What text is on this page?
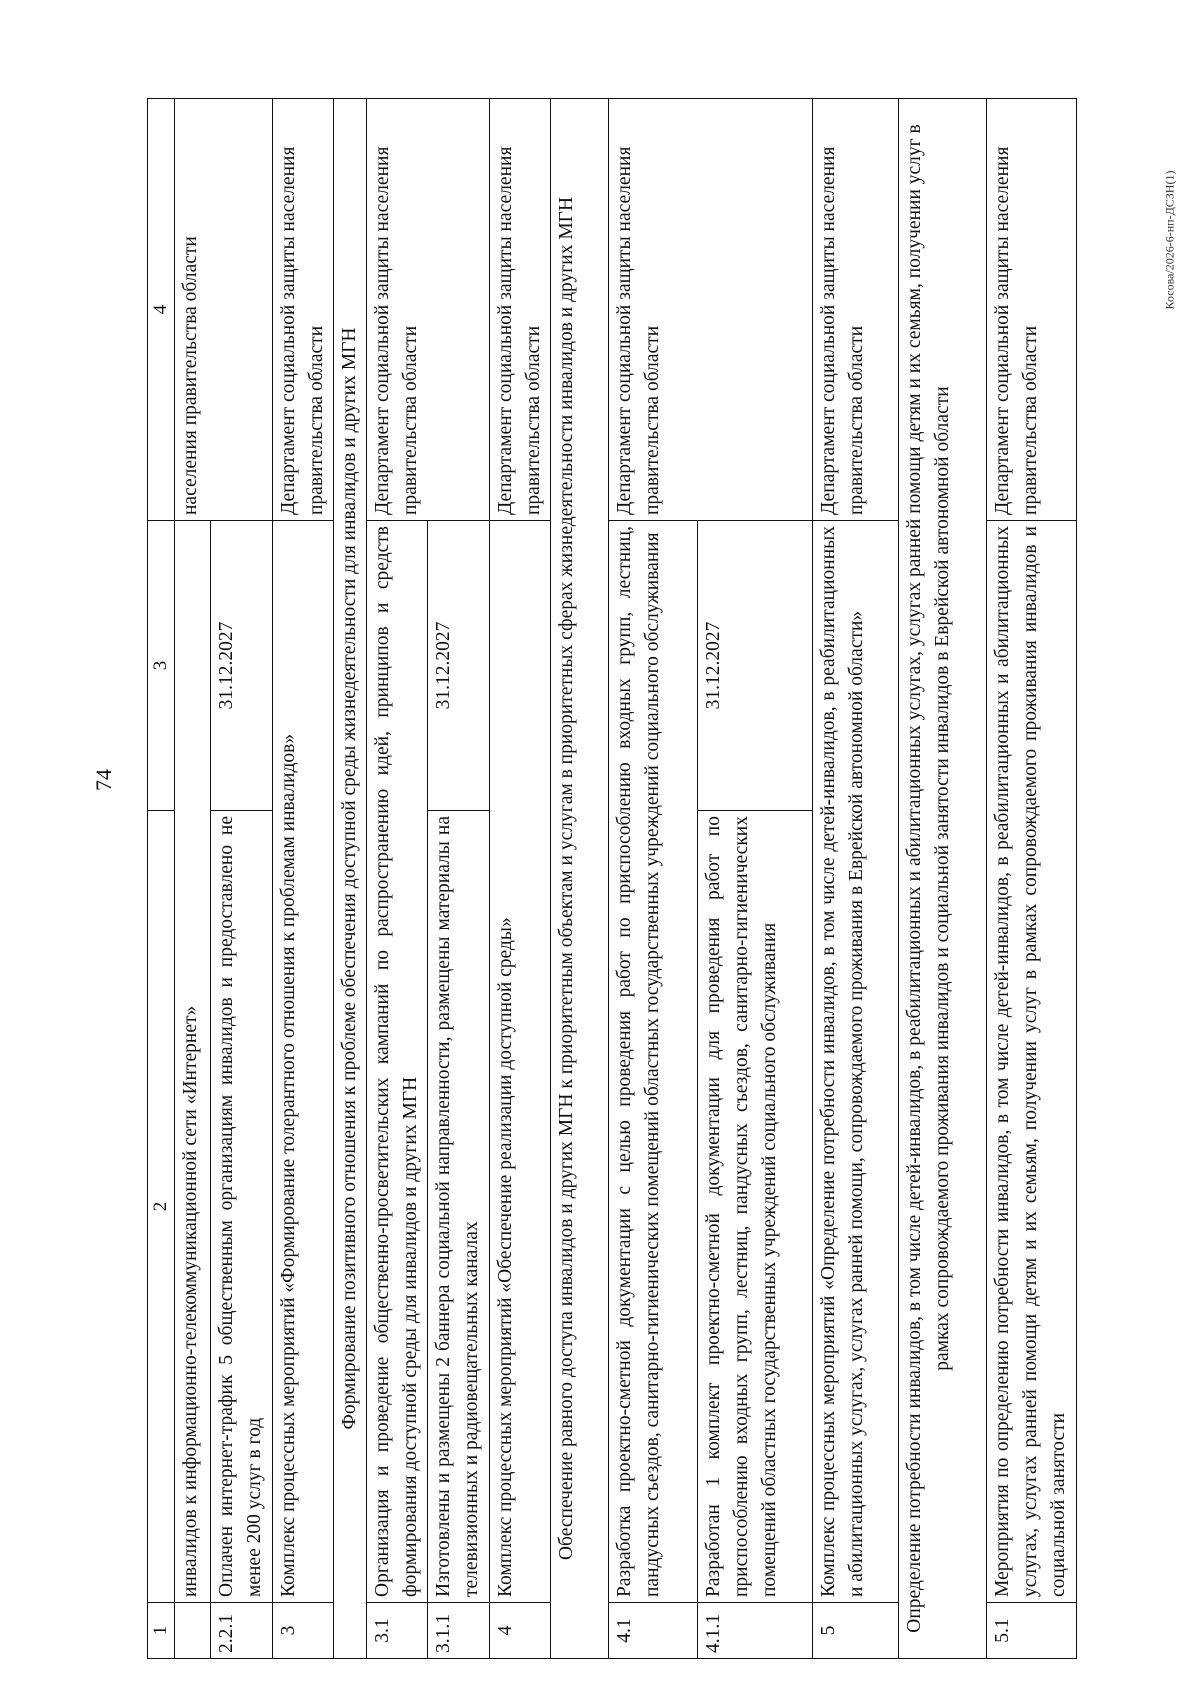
74
Косова/2026-6-нп-ДСЗН(1)
1	2	3	4
	инвалидов к информационно-телекоммуникационной сети «Интернет»		населения правительства области
2.2.1	Оплачен интернет-трафик 5 общественным организациям инвалидов и предоставлено не менее 200 услуг в год	31.12.2027	
3	Комплекс процессных мероприятий «Формирование толерантного отношения к проблемам инвалидов»		Департамент социальной защиты населения правительства области
Формирование позитивного отношения к проблеме обеспечения доступной среды жизнедеятельности для инвалидов и других МГН			
3.1	Организация и проведение общественно-просветительских кампаний по распространению идей, принципов и средств формирования доступной среды для инвалидов и других МГН		Департамент социальной защиты населения правительства области
3.1.1	Изготовлены и размещены 2 баннера социальной направленности, размещены материалы на телевизионных и радиовещательных каналах	31.12.2027	
4	Комплекс процессных мероприятий «Обеспечение реализации доступной среды»		Департамент социальной защиты населения правительства области
Обеспечение равного доступа инвалидов и других МГН к приоритетным объектам и услугам в приоритетных сферах жизнедеятельности инвалидов и других МГН			
4.1	Разработка проектно-сметной документации с целью проведения работ по приспособлению входных групп, лестниц, пандусных съездов, санитарно-гигиенических помещений областных государственных учреждений социального обслуживания		Департамент социальной защиты населения правительства области
4.1.1	Разработан 1 комплект проектно-сметной документации для проведения работ по приспособлению входных групп, лестниц, пандусных съездов, санитарно-гигиенических помещений областных государственных учреждений социального обслуживания	31.12.2027	
5	Комплекс процессных мероприятий «Определение потребности инвалидов, в том числе детей-инвалидов, в реабилитационных и абилитационных услугах, услугах ранней помощи, сопровождаемого проживания в Еврейской автономной области»		Департамент социальной защиты населения правительства области
Определение потребности инвалидов, в том числе детей-инвалидов, в реабилитационных и абилитационных услугах, услугах ранней помощи детям и их семьям, получении услуг в рамках сопровождаемого проживания инвалидов и социальной занятости инвалидов в Еврейской автономной области			
5.1	Мероприятия по определению потребности инвалидов, в том числе детей-инвалидов, в реабилитационных и абилитационных услугах, услугах ранней помощи детям и их семьям, получении услуг в рамках сопровождаемого проживания инвалидов и социальной занятости		Департамент социальной защиты населения правительства области
